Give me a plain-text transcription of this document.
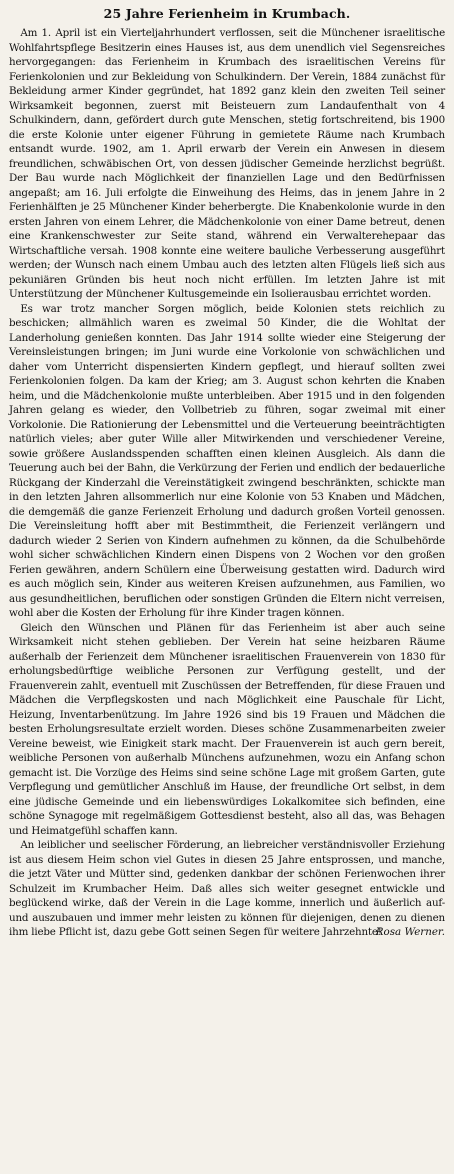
25 Jahre Ferienheim in Krumbach.

Am 1. April ist ein Vierteljahrhundert verflossen, seit die Münchener israelitische Wohlfahrtspflege Besitzerin eines Hauses ist, aus dem unendlich viel Segensreiches hervorgegangen: das Ferienheim in Krumbach des israelitischen Vereins für Ferienkolonien und zur Bekleidung von Schulkindern. Der Verein, 1884 zunächst für Bekleidung armer Kinder gegründet, hat 1892 ganz klein den zweiten Teil seiner Wirksamkeit begonnen, zuerst mit Beisteuern zum Landaufenthalt von 4 Schulkindern, dann, gefördert durch gute Menschen, stetig fortschreitend, bis 1900 die erste Kolonie unter eigener Führung in gemietete Räume nach Krumbach entsandt wurde. 1902, am 1. April erwarb der Verein ein Anwesen in diesem freundlichen, schwäbischen Ort, von dessen jüdischer Gemeinde herzlichst begrüßt. Der Bau wurde nach Möglichkeit der finanziellen Lage und den Bedürfnissen angepaßt; am 16. Juli erfolgte die Einweihung des Heims, das in jenem Jahre in 2 Ferienhälften je 25 Münchener Kinder beherbergte. Die Knabenkolonie wurde in den ersten Jahren von einem Lehrer, die Mädchenkolonie von einer Dame betreut, denen eine Krankenschwester zur Seite stand, während ein Verwalterehepaar das Wirtschaftliche versah. 1908 konnte eine weitere bauliche Verbesserung ausgeführt werden; der Wunsch nach einem Umbau auch des letzten alten Flügels ließ sich aus pekuniären Gründen bis heut noch nicht erfüllen. Im letzten Jahre ist mit Unterstützung der Münchener Kultusgemeinde ein Isolierausbau errichtet worden.

Es war trotz mancher Sorgen möglich, beide Kolonien stets reichlich zu beschicken; allmählich waren es zweimal 50 Kinder, die die Wohltat der Landerholung genießen konnten. Das Jahr 1914 sollte wieder eine Steigerung der Vereinsleistungen bringen; im Juni wurde eine Vorkolonie von schwächlichen und daher vom Unterricht dispensierten Kindern gepflegt, und hierauf sollten zwei Ferienkolonien folgen. Da kam der Krieg; am 3. August schon kehrten die Knaben heim, und die Mädchenkolonie mußte unterbleiben. Aber 1915 und in den folgenden Jahren gelang es wieder, den Vollbetrieb zu führen, sogar zweimal mit einer Vorkolonie. Die Rationierung der Lebensmittel und die Verteuerung beeinträchtigten natürlich vieles; aber guter Wille aller Mitwirkenden und verschiedener Vereine, sowie größere Auslandsspenden schafften einen kleinen Ausgleich. Als dann die Teuerung auch bei der Bahn, die Verkürzung der Ferien und endlich der bedauerliche Rückgang der Kinderzahl die Vereinstätigkeit zwingend beschränkten, schickte man in den letzten Jahren allsommerlich nur eine Kolonie von 53 Knaben und Mädchen, die demgemäß die ganze Ferienzeit Erholung und dadurch großen Vorteil genossen. Die Vereinsleitung hofft aber mit Bestimmtheit, die Ferienzeit verlängern und dadurch wieder 2 Serien von Kindern aufnehmen zu können, da die Schulbehörde wohl sicher schwächlichen Kindern einen Dispens von 2 Wochen vor den großen Ferien gewähren, andern Schülern eine Überweisung gestatten wird. Dadurch wird es auch möglich sein, Kinder aus weiteren Kreisen aufzunehmen, aus Familien, wo aus gesundheitlichen, beruflichen oder sonstigen Gründen die Eltern nicht verreisen, wohl aber die Kosten der Erholung für ihre Kinder tragen können.

Gleich den Wünschen und Plänen für das Ferienheim ist aber auch seine Wirksamkeit nicht stehen geblieben. Der Verein hat seine heizbaren Räume außerhalb der Ferienzeit dem Münchener israelitischen Frauenverein von 1830 für erholungsbedürftige weibliche Personen zur Verfügung gestellt, und der Frauenverein zahlt, eventuell mit Zuschüssen der Betreffenden, für diese Frauen und Mädchen die Verpflegskosten und nach Möglichkeit eine Pauschale für Licht, Heizung, Inventarbenützung. Im Jahre 1926 sind bis 19 Frauen und Mädchen die besten Erholungsresultate erzielt worden. Dieses schöne Zusammenarbeiten zweier Vereine beweist, wie Einigkeit stark macht. Der Frauenverein ist auch gern bereit, weibliche Personen von außerhalb Münchens aufzunehmen, wozu ein Anfang schon gemacht ist. Die Vorzüge des Heims sind seine schöne Lage mit großem Garten, gute Verpflegung und gemütlicher Anschluß im Hause, der freundliche Ort selbst, in dem eine jüdische Gemeinde und ein liebenswürdiges Lokalkomitee sich befinden, eine schöne Synagoge mit regelmäßigem Gottesdienst besteht, also all das, was Behagen und Heimatgefühl schaffen kann.

An leiblicher und seelischer Förderung, an liebreicher verständnisvoller Erziehung ist aus diesem Heim schon viel Gutes in diesen 25 Jahre entsprossen, und manche, die jetzt Väter und Mütter sind, gedenken dankbar der schönen Ferienwochen ihrer Schulzeit im Krumbacher Heim. Daß alles sich weiter gesegnet entwickle und beglückend wirke, daß der Verein in die Lage komme, innerlich und äußerlich auf- und auszubauen und immer mehr leisten zu können für diejenigen, denen zu dienen ihm liebe Pflicht ist, dazu gebe Gott seinen Segen für weitere Jahrzehnte!

Rosa Werner.
